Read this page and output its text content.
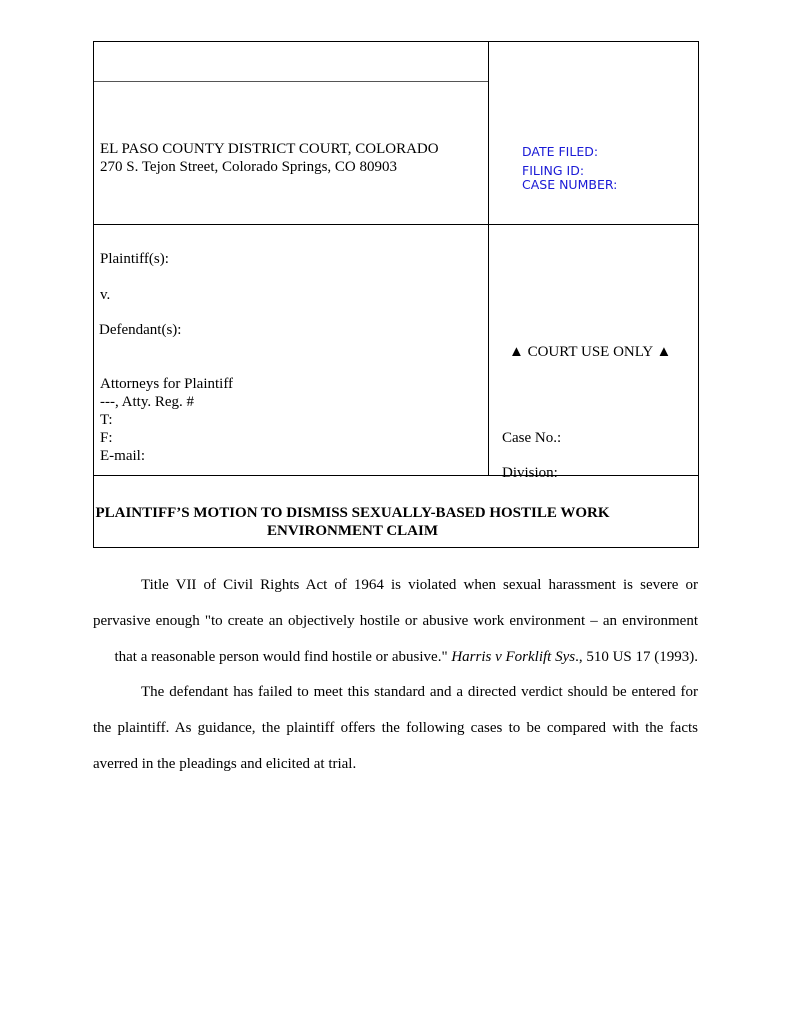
EL PASO COUNTY DISTRICT COURT, COLORADO
270 S. Tejon Street, Colorado Springs, CO 80903
DATE FILED:
FILING ID:
CASE NUMBER:
Plaintiff(s):
v.
Defendant(s):
▲ COURT USE ONLY ▲
Attorneys for Plaintiff
---, Atty. Reg. #
T:
F:
E-mail:
Case No.:
Division:
PLAINTIFF’S MOTION TO DISMISS SEXUALLY-BASED HOSTILE WORK
ENVIRONMENT CLAIM
Title VII of Civil Rights Act of 1964 is violated when sexual harassment is severe or
pervasive enough "to create an objectively hostile or abusive work environment – an environment
that a reasonable person would find hostile or abusive." Harris v Forklift Sys., 510 US 17 (1993).
The defendant has failed to meet this standard and a directed verdict should be entered for
the plaintiff. As guidance, the plaintiff offers the following cases to be compared with the facts
averred in the pleadings and elicited at trial.
